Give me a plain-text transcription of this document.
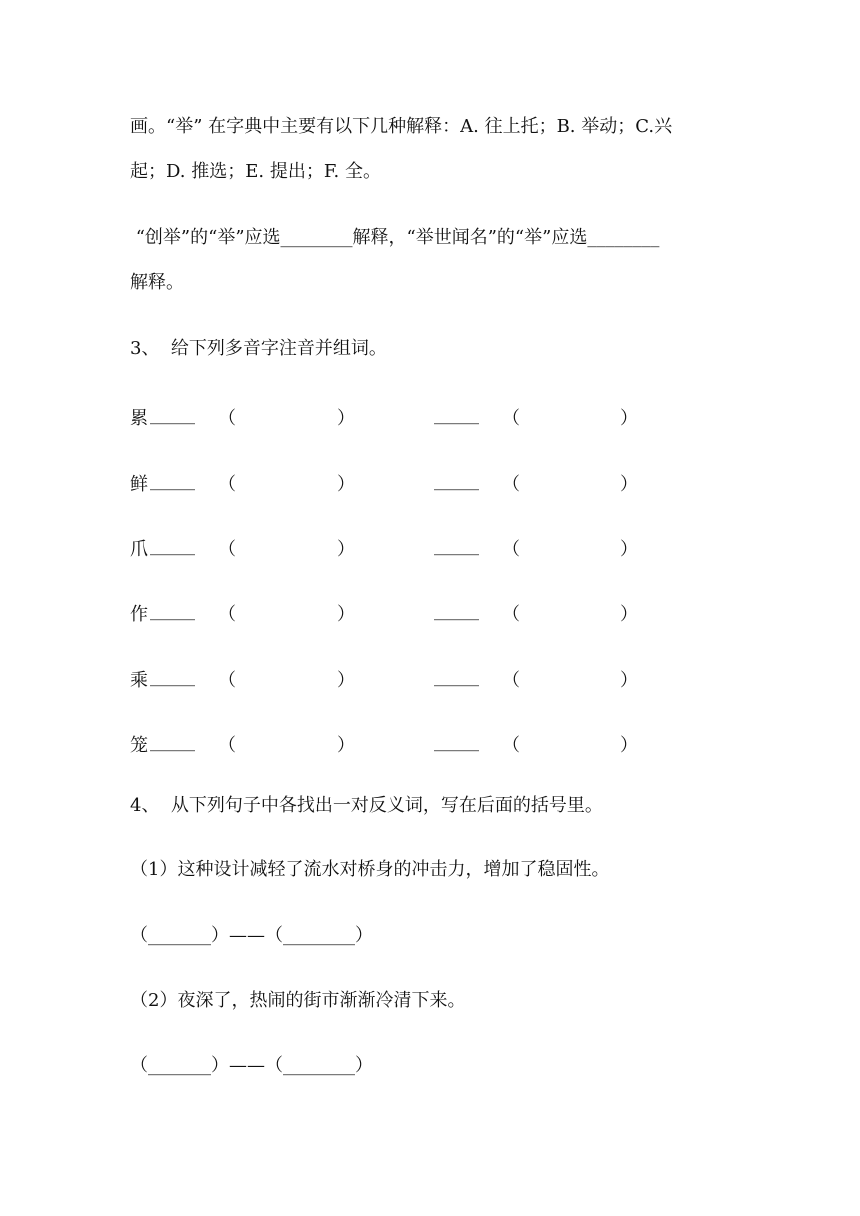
画。“举” 在字典中主要有以下几种解释：A. 往上托；B. 举动；C.兴
起；D. 推选；E. 提出；F. 全。
“创举”的“举”应选________解释，“举世闻名”的“举”应选________
解释。
3、  给下列多音字注音并组词。
累 _____ （	）	_____ （	）
鲜 _____ （	）	_____ （	）
爪 _____ （	）	_____ （	）
作 _____ （	）	_____ （	）
乘 _____ （	）	_____ （	）
笼 _____ （	）	_____ （	）
4、  从下列句子中各找出一对反义词，写在后面的括号里。
（1）这种设计减轻了流水对桥身的冲击力，增加了稳固性。
（_______）——（________）
（2）夜深了，热闹的街市渐渐冷清下来。
（_______）——（________）
